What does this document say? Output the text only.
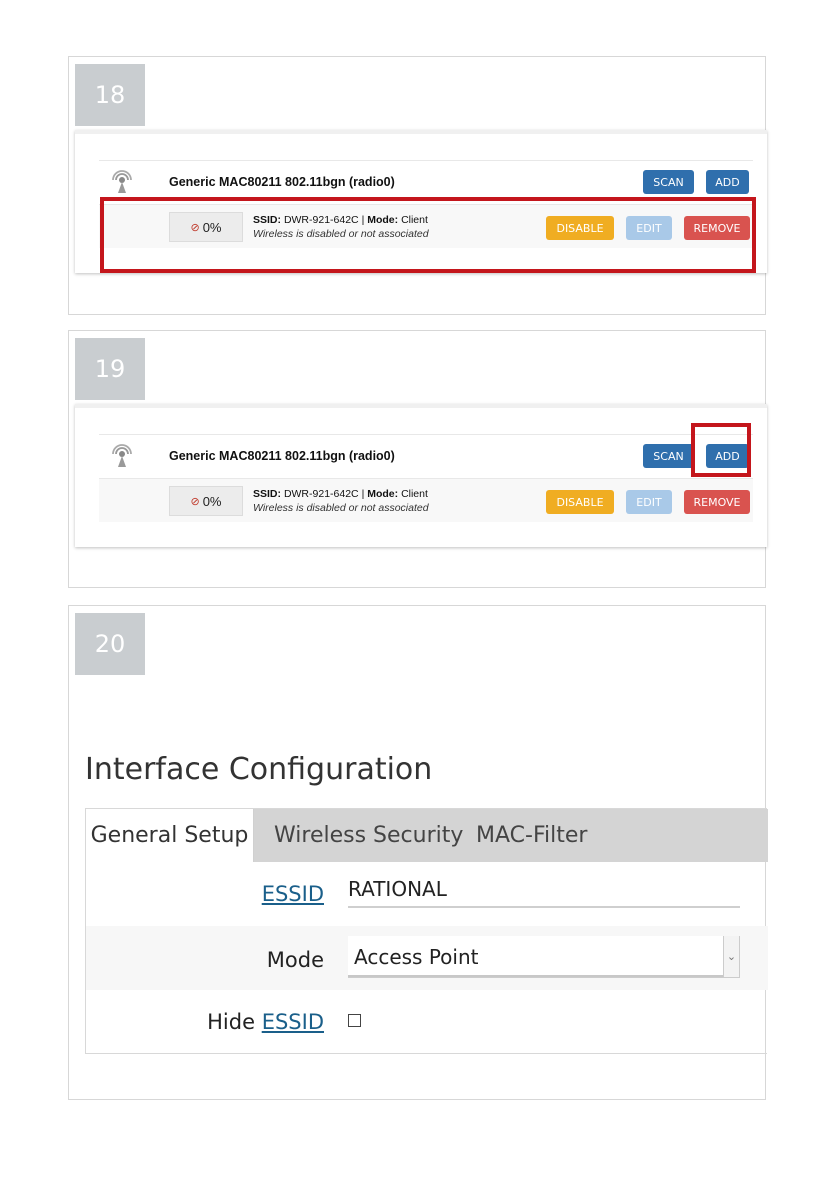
18
Generic MAC80211 802.11bgn (radio0)	SCAN	ADD
⊘ 0%	SSID: DWR-921-642C | Mode: Client
Wireless is disabled or not associated	DISABLE	EDIT	REMOVE
19
Generic MAC80211 802.11bgn (radio0)	SCAN	ADD
⊘ 0%	SSID: DWR-921-642C | Mode: Client
Wireless is disabled or not associated	DISABLE	EDIT	REMOVE
20
Interface Configuration
General Setup Wireless Security MAC-Filter
ESSID RATIONAL
Mode Access Point	⌄
Hide ESSID
